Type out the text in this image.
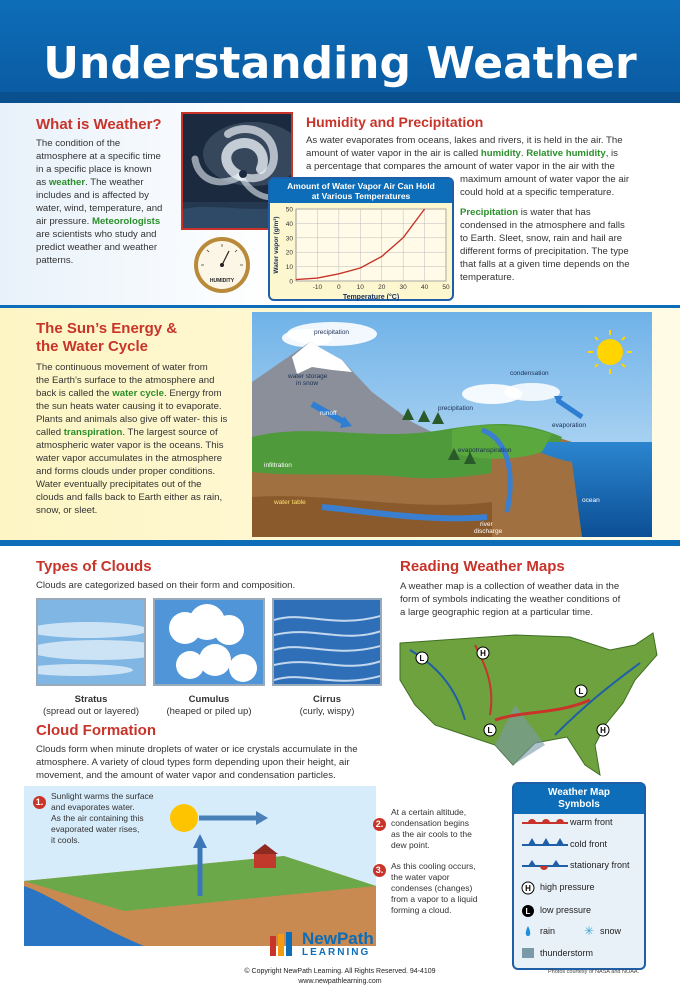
Understanding Weather
What is Weather?
The condition of the
atmosphere at a specific time
in a specific place is known
as weather. The weather
includes and is affected by
water, wind, temperature, and
air pressure. Meteorologists
are scientists who study and
predict weather and weather
patterns.
HUMIDITY
Humidity and Precipitation
As water evaporates from oceans, lakes and rivers, it is held in the air. The
amount of water vapor in the air is called humidity. Relative humidity, is
a percentage that compares the amount of water vapor in the air with the
maximum amount of water vapor the air
could hold at a specific temperature.
Precipitation is water that has
condensed in the atmosphere and falls
to Earth. Sleet, snow, rain and hail are
different forms of precipitation. The type
that falls at a given time depends on the
temperature.
Amount of Water Vapor Air Can Hold
at Various Temperatures
0
10
20
30
40
50
-10 0 10 20 30 40 50
Temperature (°C)
Water vapor (g/m³)
The Sun’s Energy &
the Water Cycle
The continuous movement of water from
the Earth’s surface to the atmosphere and
back is called the water cycle. Energy from
the sun heats water causing it to evaporate.
Plants and animals also give off water- this is
called transpiration. The largest source of
atmospheric water vapor is the oceans. This
water vapor accumulates in the atmosphere
and forms clouds under proper conditions.
Water eventually precipitates out of the
clouds and falls back to Earth either as rain,
snow, or sleet.
precipitation
water storage
in snow
runoff
precipitation
condensation
evaporation
evapotranspiration
infiltration
water table	ocean
river
discharge
Types of Clouds
Clouds are categorized based on their form and composition.
Stratus
(spread out or layered)
Cumulus
(heaped or piled up)
Cirrus
(curly, wispy)
Cloud Formation
Clouds form when minute droplets of water or ice crystals accumulate in the
atmosphere. A variety of cloud types form depending upon their height, air
movement, and the amount of water vapor and condensation particles.
1.
Sunlight warms the surface
and evaporates water.
As the air containing this
evaporated water rises,
it cools.
2.
At a certain altitude,
condensation begins
as the air cools to the
dew point.
3. As this cooling occurs,
the water vapor
condenses (changes)
from a vapor to a liquid
forming a cloud.
Reading Weather Maps
A weather map is a collection of weather data in the
form of symbols indicating the weather conditions of
a large geographic region at a particular time.
L
H
L
L	H
Weather Map
Symbols
H
L
warm front
cold front
stationary front
high pressure
low pressure
rain ✳ snow
thunderstorm
NewPath
LEARNING
© Copyright NewPath Learning. All Rights Reserved. 94-4109
www.newpathlearning.com
Photos courtesy of NASA and NOAA.
